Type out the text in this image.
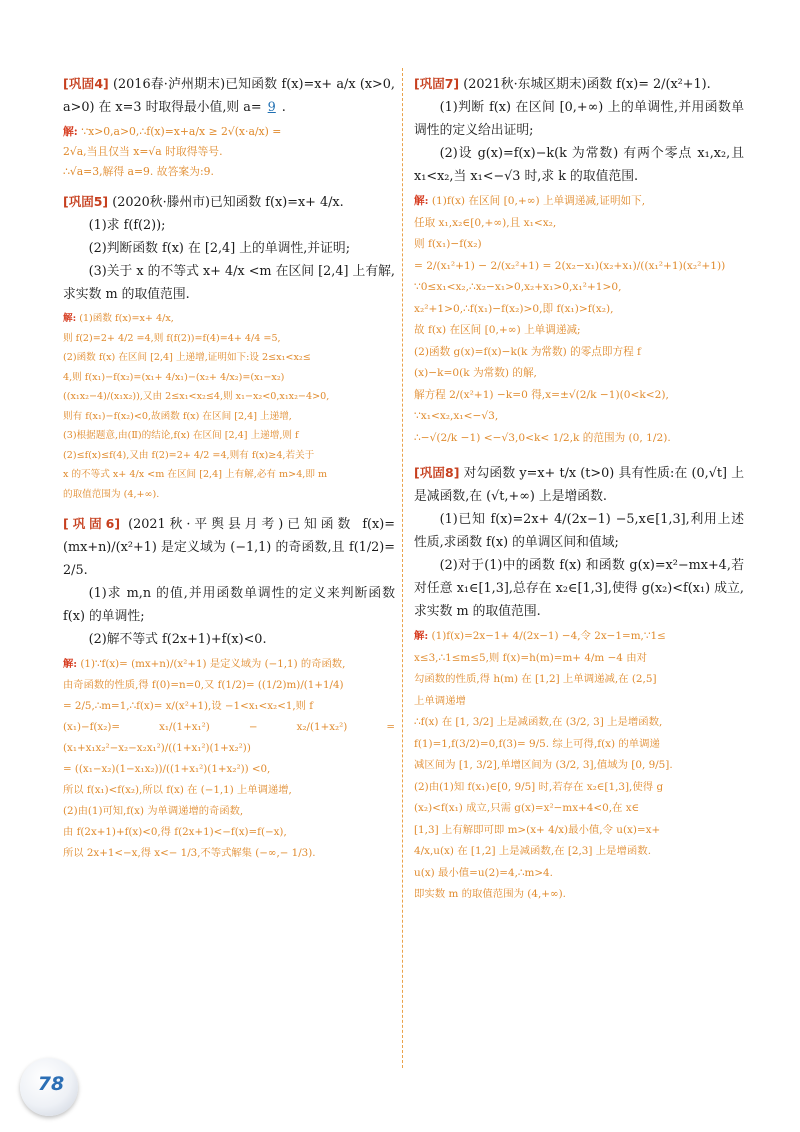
[ 巩固4 ] (2016春·泸州期末)已知函数 f(x)=x+ a/x (x>0, a>0) 在 x=3 时取得最小值,则 a= 9 .
解: ∵x>0,a>0,∴f(x)=x+a/x ≥ 2√(x·a/x) =
2√a,当且仅当 x=√a 时取得等号.
∴√a=3,解得 a=9. 故答案为:9.
[ 巩固5 ] (2020秋·滕州市)已知函数 f(x)=x+ 4/x.
(1)求 f(f(2));
(2)判断函数 f(x) 在 [2,4] 上的单调性,并证明;
(3)关于 x 的不等式 x+ 4/x <m 在区间 [2,4] 上有解,求实数 m 的取值范围.
解: (1)函数 f(x)=x+ 4/x,
则 f(2)=2+ 4/2 =4,则 f(f(2))=f(4)=4+ 4/4 =5,
(2)函数 f(x) 在区间 [2,4] 上递增,证明如下:设 2≤x₁<x₂≤
4,则 f(x₁)−f(x₂)=(x₁+ 4/x₁)−(x₂+ 4/x₂)=(x₁−x₂)
((x₁x₂−4)/(x₁x₂)),又由 2≤x₁<x₂≤4,则 x₁−x₂<0,x₁x₂−4>0,
则有 f(x₁)−f(x₂)<0,故函数 f(x) 在区间 [2,4] 上递增,
(3)根据题意,由(Ⅱ)的结论,f(x) 在区间 [2,4] 上递增,则 f
(2)≤f(x)≤f(4),又由 f(2)=2+ 4/2 =4,则有 f(x)≥4,若关于
x 的不等式 x+ 4/x <m 在区间 [2,4] 上有解,必有 m>4,即 m
的取值范围为 (4,+∞).
[ 巩固6 ] (2021秋·平舆县月考)已知函数 f(x)= (mx+n)/(x²+1) 是定义域为 (−1,1) 的奇函数,且 f(1/2)= 2/5.
(1)求 m,n 的值,并用函数单调性的定义来判断函数 f(x) 的单调性;
(2)解不等式 f(2x+1)+f(x)<0.
解: (1)∵f(x)= (mx+n)/(x²+1) 是定义域为 (−1,1) 的奇函数,
由奇函数的性质,得 f(0)=n=0,又 f(1/2)= ((1/2)m)/(1+1/4)
= 2/5,∴m=1,∴f(x)= x/(x²+1),设 −1<x₁<x₂<1,则 f
(x₁)−f(x₂)= x₁/(1+x₁²) − x₂/(1+x₂²) = (x₁+x₁x₂²−x₂−x₂x₁²)/((1+x₁²)(1+x₂²))
= ((x₁−x₂)(1−x₁x₂))/((1+x₁²)(1+x₂²)) <0,
所以 f(x₁)<f(x₂),所以 f(x) 在 (−1,1) 上单调递增,
(2)由(1)可知,f(x) 为单调递增的奇函数,
由 f(2x+1)+f(x)<0,得 f(2x+1)<−f(x)=f(−x),
所以 2x+1<−x,得 x<− 1/3,不等式解集 (−∞,− 1/3).
[ 巩固7 ] (2021秋·东城区期末)函数 f(x)= 2/(x²+1).
(1)判断 f(x) 在区间 [0,+∞) 上的单调性,并用函数单调性的定义给出证明;
(2)设 g(x)=f(x)−k(k 为常数) 有两个零点 x₁,x₂,且 x₁<x₂,当 x₁<−√3 时,求 k 的取值范围.
解: (1)f(x) 在区间 [0,+∞) 上单调递减,证明如下,
任取 x₁,x₂∈[0,+∞),且 x₁<x₂,
则 f(x₁)−f(x₂)
= 2/(x₁²+1) − 2/(x₂²+1) = 2(x₂−x₁)(x₂+x₁)/((x₁²+1)(x₂²+1))
∵0≤x₁<x₂,∴x₂−x₁>0,x₂+x₁>0,x₁²+1>0,
x₂²+1>0,∴f(x₁)−f(x₂)>0,即 f(x₁)>f(x₂),
故 f(x) 在区间 [0,+∞) 上单调递减;
(2)函数 g(x)=f(x)−k(k 为常数) 的零点即方程 f
(x)−k=0(k 为常数) 的解,
解方程 2/(x²+1) −k=0 得,x=±√(2/k −1)(0<k<2),
∵x₁<x₂,x₁<−√3,
∴−√(2/k −1) <−√3,0<k< 1/2,k 的范围为 (0, 1/2).
[ 巩固8 ] 对勾函数 y=x+ t/x (t>0) 具有性质:在 (0,√t] 上是减函数,在 (√t,+∞) 上是增函数.
(1)已知 f(x)=2x+ 4/(2x−1) −5,x∈[1,3],利用上述性质,求函数 f(x) 的单调区间和值域;
(2)对于(1)中的函数 f(x) 和函数 g(x)=x²−mx+4,若对任意 x₁∈[1,3],总存在 x₂∈[1,3],使得 g(x₂)<f(x₁) 成立,求实数 m 的取值范围.
解: (1)f(x)=2x−1+ 4/(2x−1) −4,令 2x−1=m,∵1≤
x≤3,∴1≤m≤5,则 f(x)=h(m)=m+ 4/m −4 由对
勾函数的性质,得 h(m) 在 [1,2] 上单调递减,在 (2,5]
上单调递增
∴f(x) 在 [1, 3/2] 上是减函数,在 (3/2, 3] 上是增函数,
f(1)=1,f(3/2)=0,f(3)= 9/5. 综上可得,f(x) 的单调递
减区间为 [1, 3/2],单增区间为 (3/2, 3],值域为 [0, 9/5].
(2)由(1)知 f(x₁)∈[0, 9/5] 时,若存在 x₂∈[1,3],使得 g
(x₂)<f(x₁) 成立,只需 g(x)=x²−mx+4<0,在 x∈
[1,3] 上有解即可即 m>(x+ 4/x)最小值,令 u(x)=x+
4/x,u(x) 在 [1,2] 上是减函数,在 [2,3] 上是增函数.
u(x) 最小值=u(2)=4,∴m>4.
即实数 m 的取值范围为 (4,+∞).
78
